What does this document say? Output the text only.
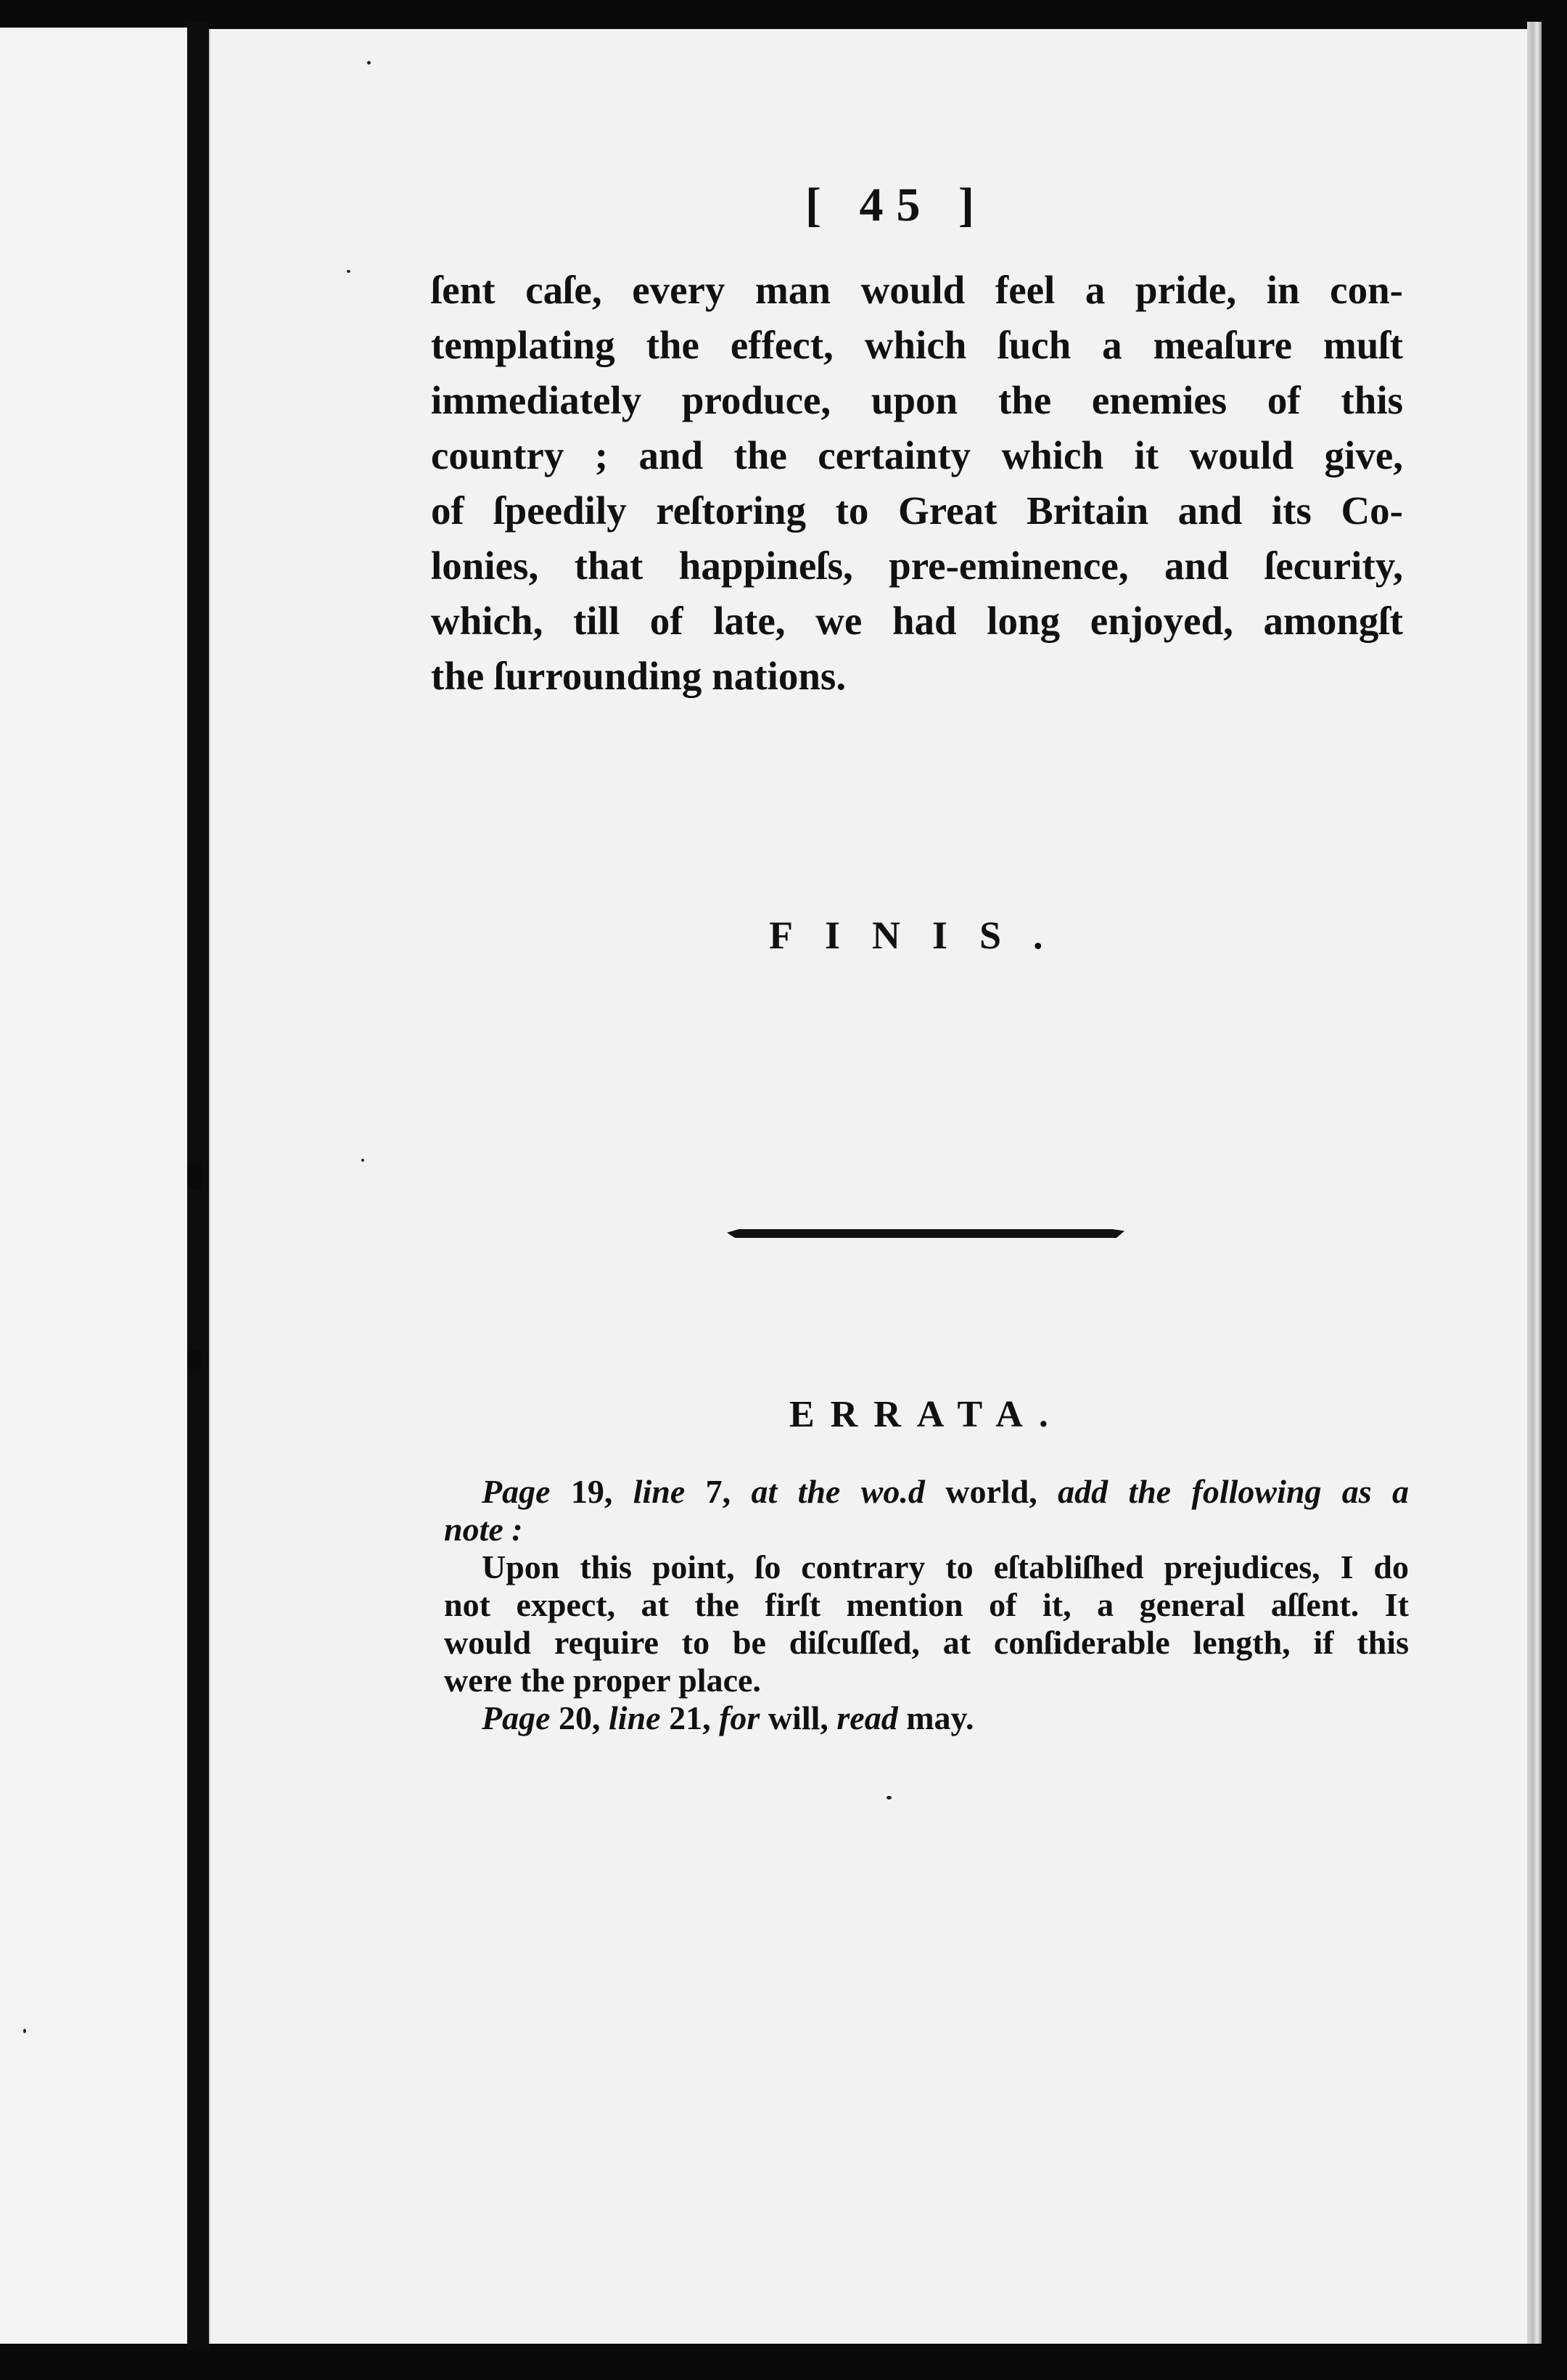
[ 45 ]
ſent caſe, every man would feel a pride, in con-
templating the effect, which ſuch a meaſure muſt
immediately produce, upon the enemies of this
country ; and the certainty which it would give,
of ſpeedily reſtoring to Great Britain and its Co-
lonies, that happineſs, pre-eminence, and ſecurity,
which, till of late, we had long enjoyed, amongſt
the ſurrounding nations.
FINIS.
ERRATA.
Page 19, line 7, at the wo.d world, add the following as a
note :
Upon this point, ſo contrary to eſtabliſhed prejudices, I do
not expect, at the firſt mention of it, a general aſſent. It
would require to be diſcuſſed, at conſiderable length, if this
were the proper place.
Page 20, line 21, for will, read may.
